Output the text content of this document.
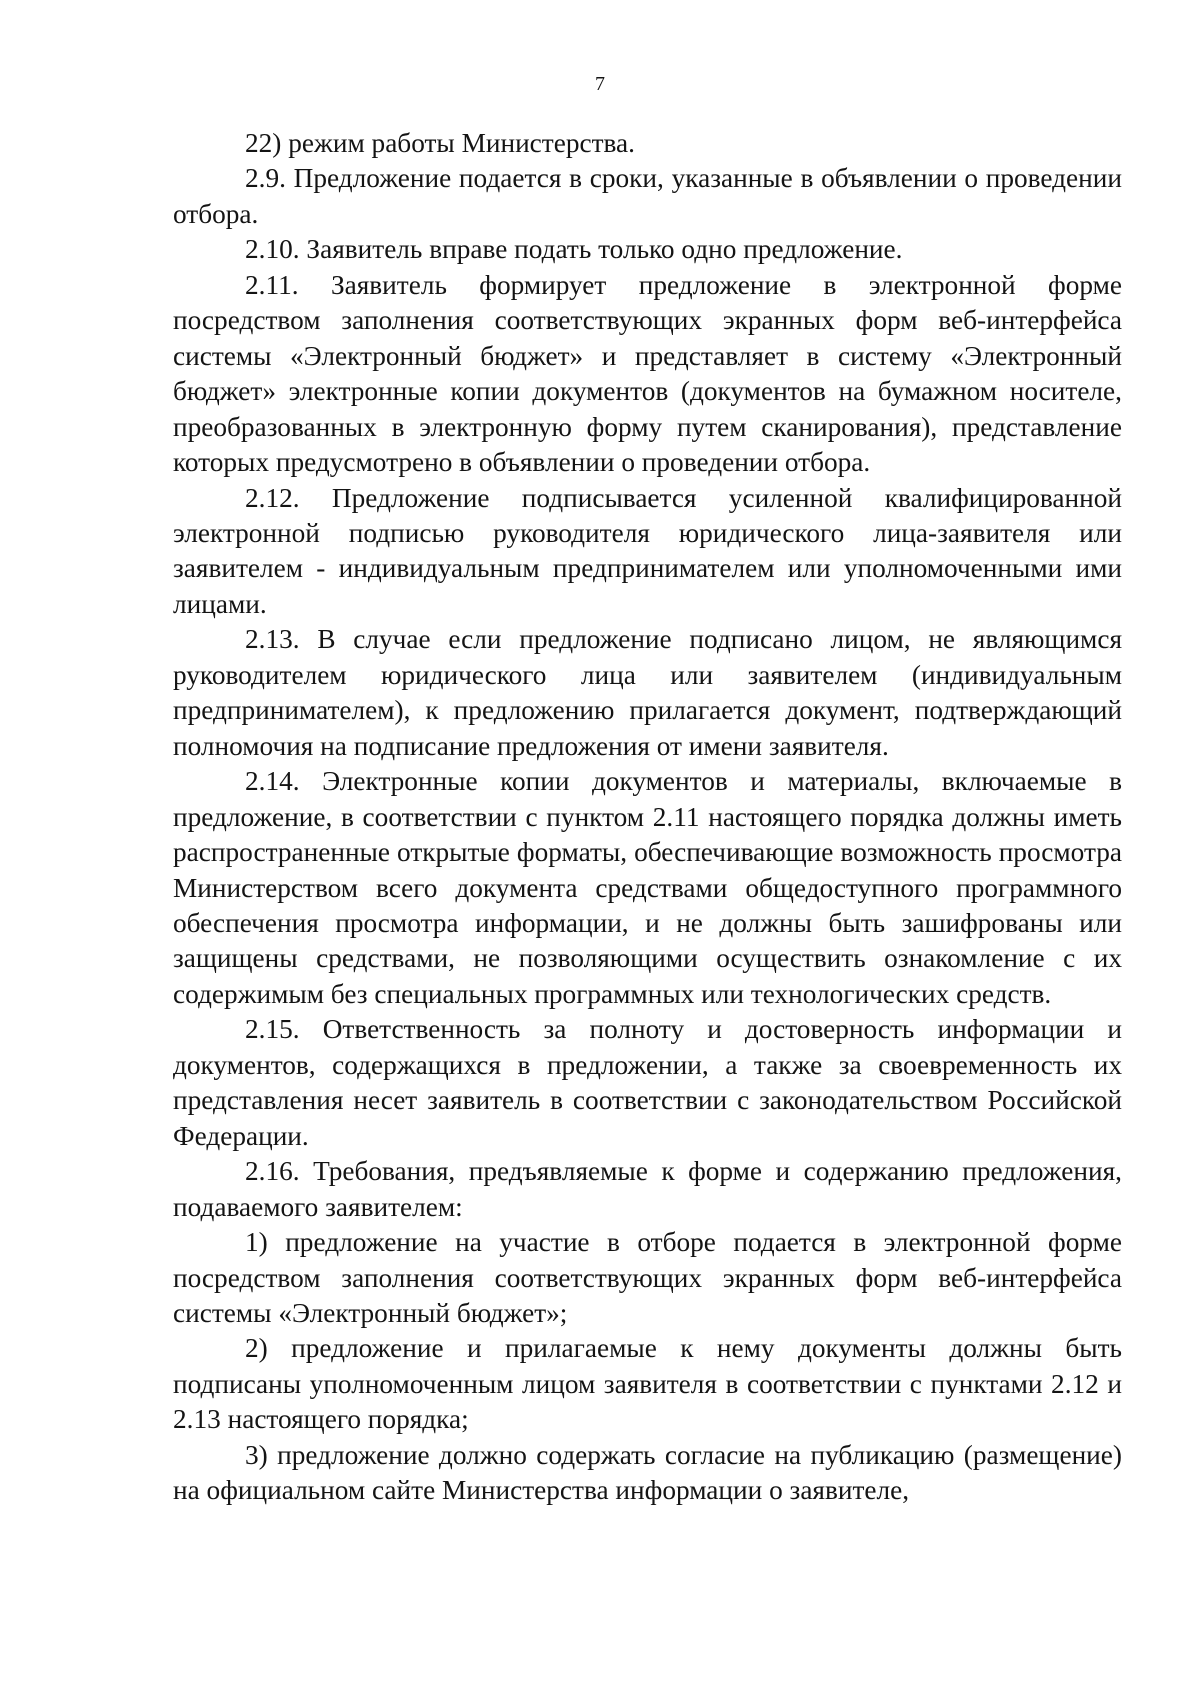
7

22) режим работы Министерства.

2.9. Предложение подается в сроки, указанные в объявлении о проведении отбора.

2.10. Заявитель вправе подать только одно предложение.

2.11. Заявитель формирует предложение в электронной форме посредством заполнения соответствующих экранных форм веб-интерфейса системы «Электронный бюджет» и представляет в систему «Электронный бюджет» электронные копии документов (документов на бумажном носителе, преобразованных в электронную форму путем сканирования), представление которых предусмотрено в объявлении о проведении отбора.

2.12. Предложение подписывается усиленной квалифицированной электронной подписью руководителя юридического лица-заявителя или заявителем - индивидуальным предпринимателем или уполномоченными ими лицами.

2.13. В случае если предложение подписано лицом, не являющимся руководителем юридического лица или заявителем (индивидуальным предпринимателем), к предложению прилагается документ, подтверждающий полномочия на подписание предложения от имени заявителя.

2.14. Электронные копии документов и материалы, включаемые в предложение, в соответствии с пунктом 2.11 настоящего порядка должны иметь распространенные открытые форматы, обеспечивающие возможность просмотра Министерством всего документа средствами общедоступного программного обеспечения просмотра информации, и не должны быть зашифрованы или защищены средствами, не позволяющими осуществить ознакомление с их содержимым без специальных программных или технологических средств.

2.15. Ответственность за полноту и достоверность информации и документов, содержащихся в предложении, а также за своевременность их представления несет заявитель в соответствии с законодательством Российской Федерации.

2.16. Требования, предъявляемые к форме и содержанию предложения, подаваемого заявителем:

1) предложение на участие в отборе подается в электронной форме посредством заполнения соответствующих экранных форм веб-интерфейса системы «Электронный бюджет»;

2) предложение и прилагаемые к нему документы должны быть подписаны уполномоченным лицом заявителя в соответствии с пунктами 2.12 и 2.13 настоящего порядка;

3) предложение должно содержать согласие на публикацию (размещение) на официальном сайте Министерства информации о заявителе,
